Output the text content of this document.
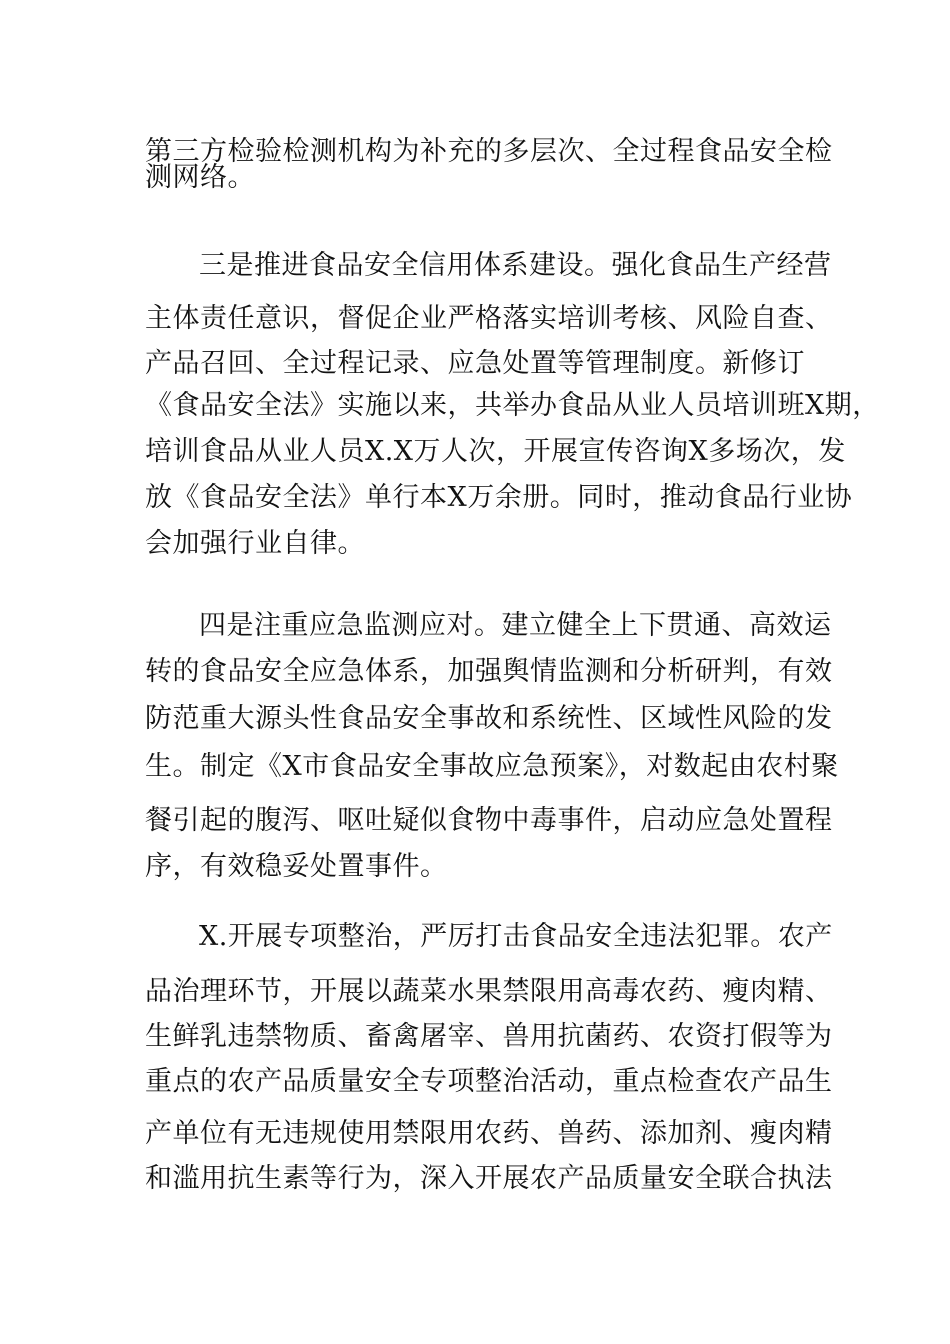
第三方检验检测机构为补充的多层次、全过程食品安全检
测网络。
三是推进食品安全信用体系建设。强化食品生产经营
主体责任意识，督促企业严格落实培训考核、风险自查、
产品召回、全过程记录、应急处置等管理制度。新修订
《食品安全法》实施以来，共举办食品从业人员培训班X期，
培训食品从业人员X.X万人次，开展宣传咨询X多场次，发
放《食品安全法》单行本X万余册。同时，推动食品行业协
会加强行业自律。
四是注重应急监测应对。建立健全上下贯通、高效运
转的食品安全应急体系，加强舆情监测和分析研判，有效
防范重大源头性食品安全事故和系统性、区域性风险的发
生。制定《X市食品安全事故应急预案》，对数起由农村聚
餐引起的腹泻、呕吐疑似食物中毒事件，启动应急处置程
序，有效稳妥处置事件。
X.开展专项整治，严厉打击食品安全违法犯罪。农产
品治理环节，开展以蔬菜水果禁限用高毒农药、瘦肉精、
生鲜乳违禁物质、畜禽屠宰、兽用抗菌药、农资打假等为
重点的农产品质量安全专项整治活动，重点检查农产品生
产单位有无违规使用禁限用农药、兽药、添加剂、瘦肉精
和滥用抗生素等行为，深入开展农产品质量安全联合执法
